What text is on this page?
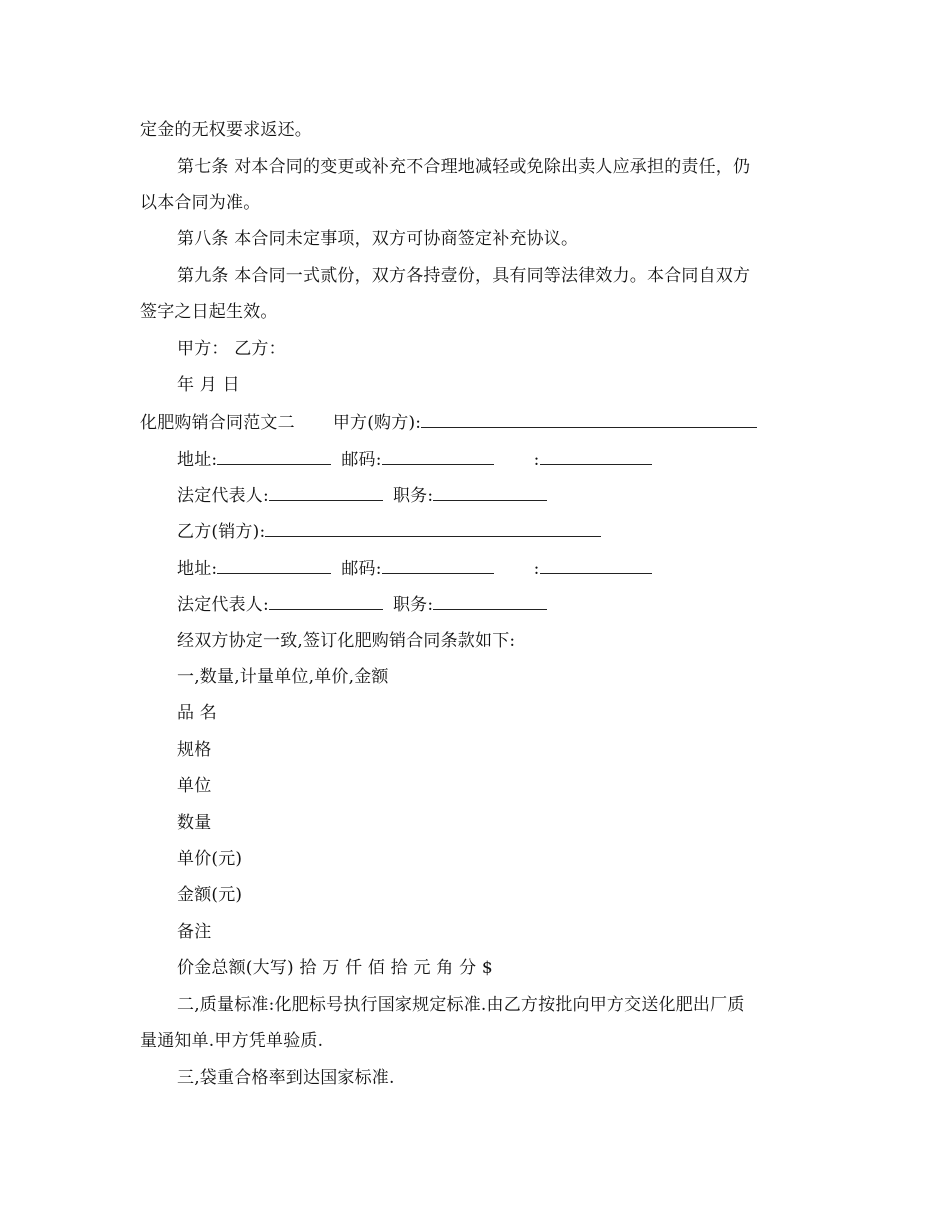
定金的无权要求返还。
第七条 对本合同的变更或补充不合理地减轻或免除出卖人应承担的责任，仍
以本合同为准。
第八条 本合同未定事项，双方可协商签定补充协议。
第九条 本合同一式贰份，双方各持壹份，具有同等法律效力。本合同自双方
签字之日起生效。
甲方： 乙方：
年 月 日
化肥购销合同范文二 甲方(购方):
地址:	邮码:	:
法定代表人:	职务:
乙方(销方):
地址:	邮码:	:
法定代表人:	职务:
经双方协定一致,签订化肥购销合同条款如下:
一,数量,计量单位,单价,金额
品 名
规格
单位
数量
单价(元)
金额(元)
备注
价金总额(大写) 拾 万 仟 佰 拾 元 角 分 $
二,质量标准:化肥标号执行国家规定标准.由乙方按批向甲方交送化肥出厂质
量通知单.甲方凭单验质.
三,袋重合格率到达国家标准.
